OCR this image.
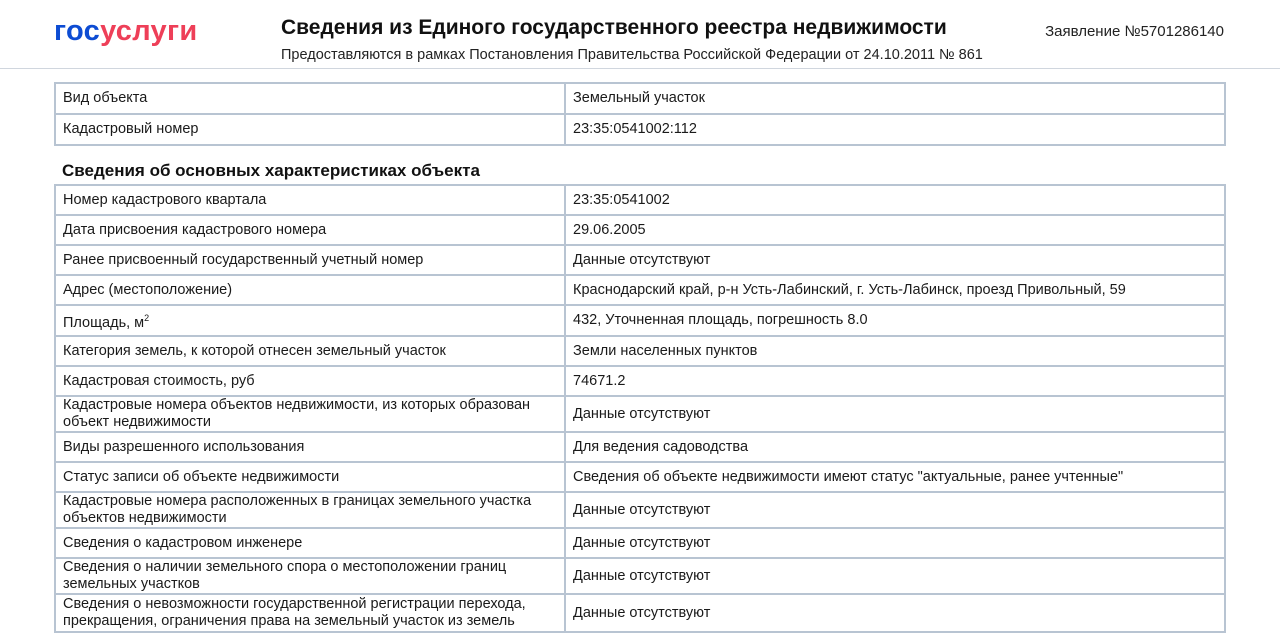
госуслуги	Сведения из Единого государственного реестра недвижимости
Предоставляются в рамках Постановления Правительства Российской Федерации от 24.10.2011 № 861
Заявление №5701286140
Вид объекта	Земельный участок
Кадастровый номер	23:35:0541002:112
Сведения об основных характеристиках объекта
Номер кадастрового квартала	23:35:0541002
Дата присвоения кадастрового номера	29.06.2005
Ранее присвоенный государственный учетный номер	Данные отсутствуют
Адрес (местоположение)	Краснодарский край, р-н Усть-Лабинский, г. Усть-Лабинск, проезд Привольный, 59
Площадь, $м^2$	432, Уточненная площадь, погрешность 8.0
Категория земель, к которой отнесен земельный участок	Земли населенных пунктов
Кадастровая стоимость, руб	74671.2
Кадастровые номера объектов недвижимости, из которых образован объект недвижимости	Данные отсутствуют
Виды разрешенного использования	Для ведения садоводства
Статус записи об объекте недвижимости	Сведения об объекте недвижимости имеют статус "актуальные, ранее учтенные"
Кадастровые номера расположенных в границах земельного участка объектов недвижимости	Данные отсутствуют
Сведения о кадастровом инженере	Данные отсутствуют
Сведения о наличии земельного спора о местоположении границ земельных участков	Данные отсутствуют
Сведения о невозможности государственной регистрации перехода, прекращения, ограничения права на земельный участок из земель	Данные отсутствуют
